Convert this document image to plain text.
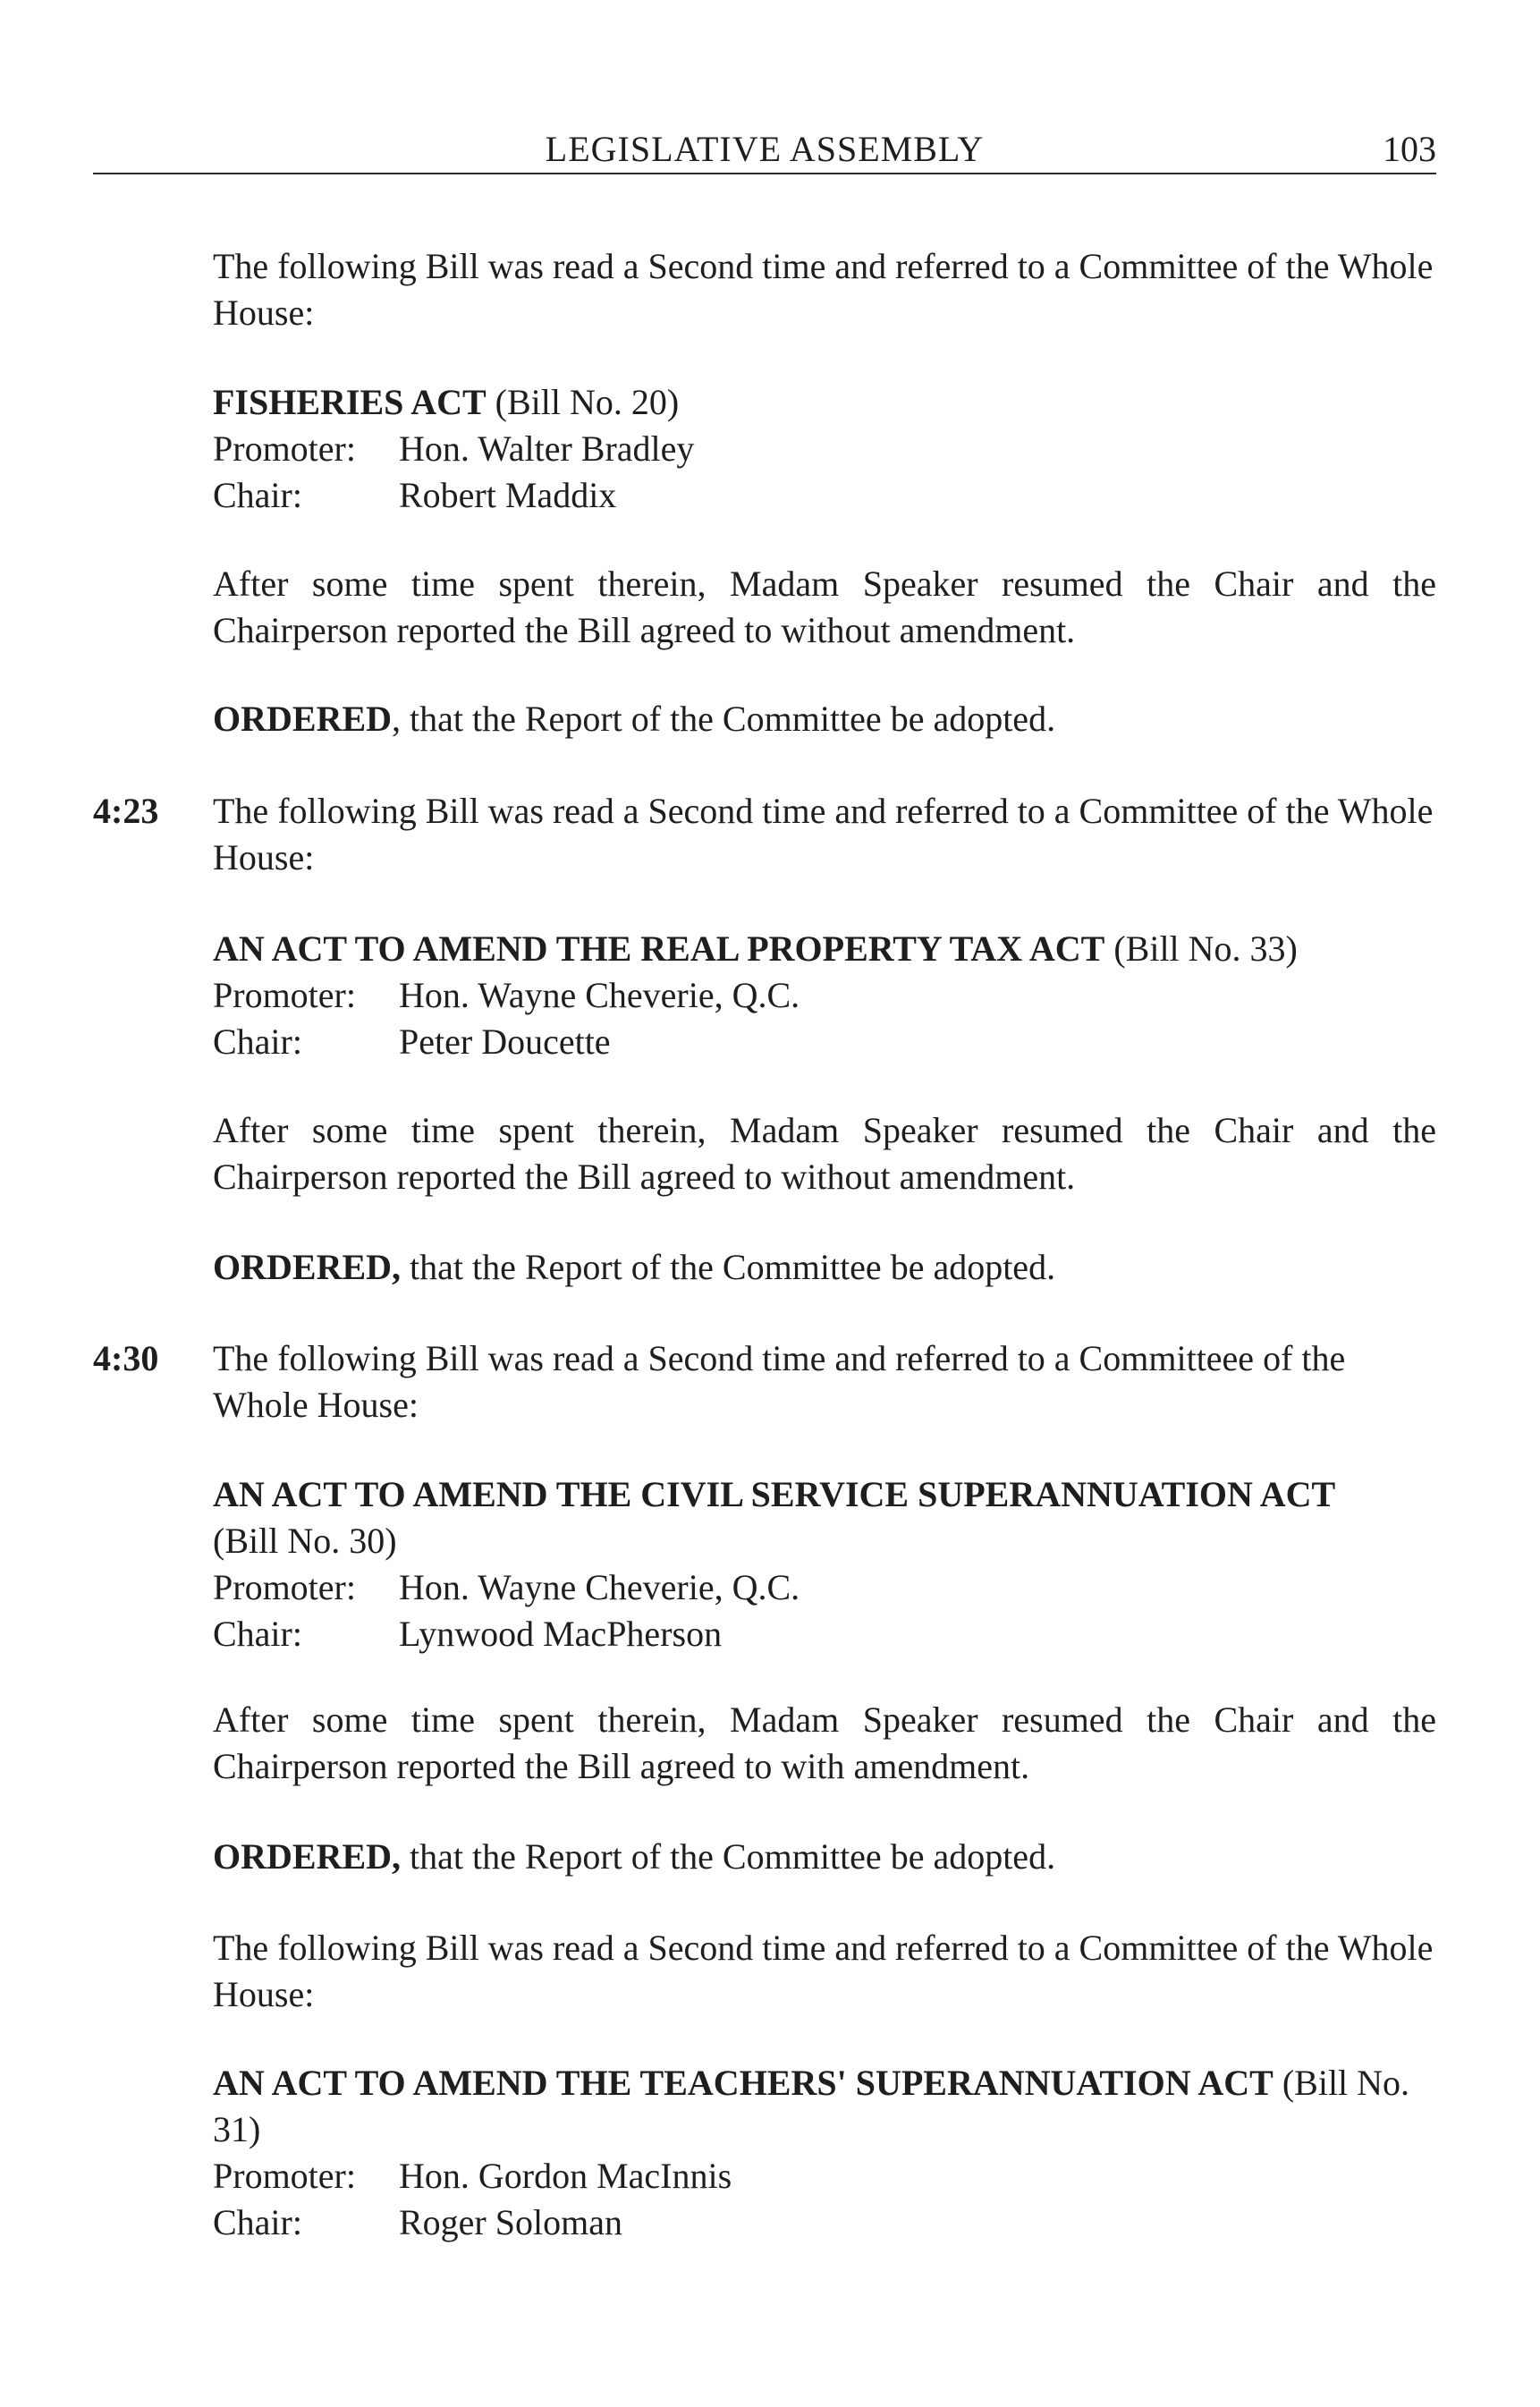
LEGISLATIVE ASSEMBLY	103

The following Bill was read a Second time and referred to a Committee of the Whole House:

FISHERIES ACT (Bill No. 20)
Promoter: Hon. Walter Bradley
Chair:	Robert Maddix

After some time spent therein, Madam Speaker resumed the Chair and the Chairperson reported the Bill agreed to without amendment.

ORDERED, that the Report of the Committee be adopted.

4:23 The following Bill was read a Second time and referred to a Committee of the Whole House:

AN ACT TO AMEND THE REAL PROPERTY TAX ACT (Bill No. 33)
Promoter: Hon. Wayne Cheverie, Q.C.
Chair:	Peter Doucette

After some time spent therein, Madam Speaker resumed the Chair and the Chairperson reported the Bill agreed to without amendment.

ORDERED, that the Report of the Committee be adopted.

4:30 The following Bill was read a Second time and referred to a Committeee of the Whole House:

AN ACT TO AMEND THE CIVIL SERVICE SUPERANNUATION ACT
(Bill No. 30)
Promoter: Hon. Wayne Cheverie, Q.C.
Chair:	Lynwood MacPherson

After some time spent therein, Madam Speaker resumed the Chair and the Chairperson reported the Bill agreed to with amendment.

ORDERED, that the Report of the Committee be adopted.

The following Bill was read a Second time and referred to a Committee of the Whole House:

AN ACT TO AMEND THE TEACHERS' SUPERANNUATION ACT (Bill No. 31)
Promoter: Hon. Gordon MacInnis
Chair:	Roger Soloman
